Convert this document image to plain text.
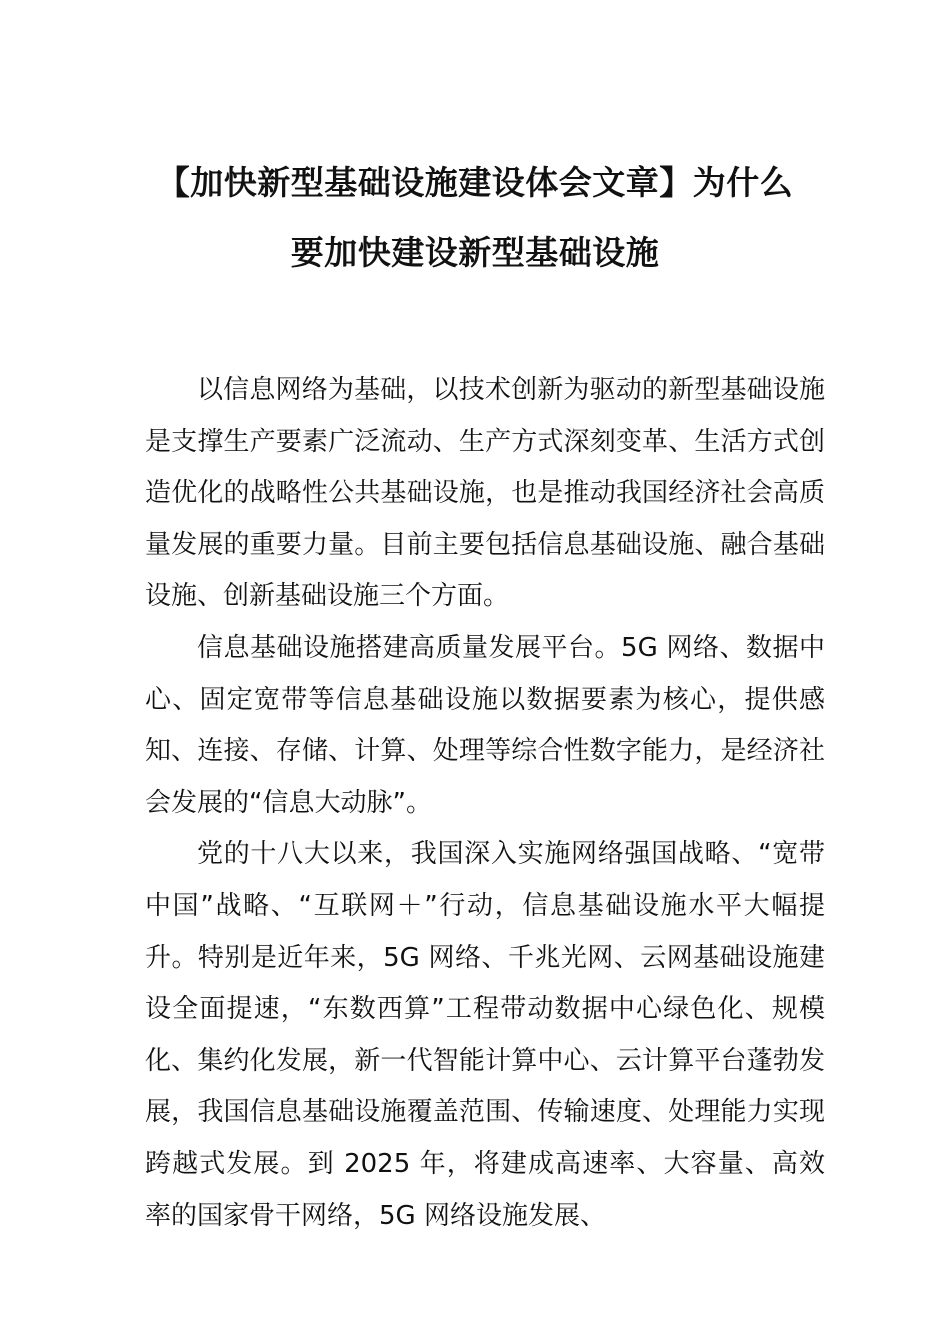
【加快新型基础设施建设体会文章】为什么
要加快建设新型基础设施

以信息网络为基础，以技术创新为驱动的新型基础设施是支撑生产要素广泛流动、生产方式深刻变革、生活方式创造优化的战略性公共基础设施，也是推动我国经济社会高质量发展的重要力量。目前主要包括信息基础设施、融合基础设施、创新基础设施三个方面。

信息基础设施搭建高质量发展平台。5G 网络、数据中心、固定宽带等信息基础设施以数据要素为核心，提供感知、连接、存储、计算、处理等综合性数字能力，是经济社会发展的“信息大动脉”。

党的十八大以来，我国深入实施网络强国战略、“宽带中国”战略、“互联网＋”行动，信息基础设施水平大幅提升。特别是近年来，5G 网络、千兆光网、云网基础设施建设全面提速，“东数西算”工程带动数据中心绿色化、规模化、集约化发展，新一代智能计算中心、云计算平台蓬勃发展，我国信息基础设施覆盖范围、传输速度、处理能力实现跨越式发展。到 2025 年，将建成高速率、大容量、高效率的国家骨干网络，5G 网络设施发展、
